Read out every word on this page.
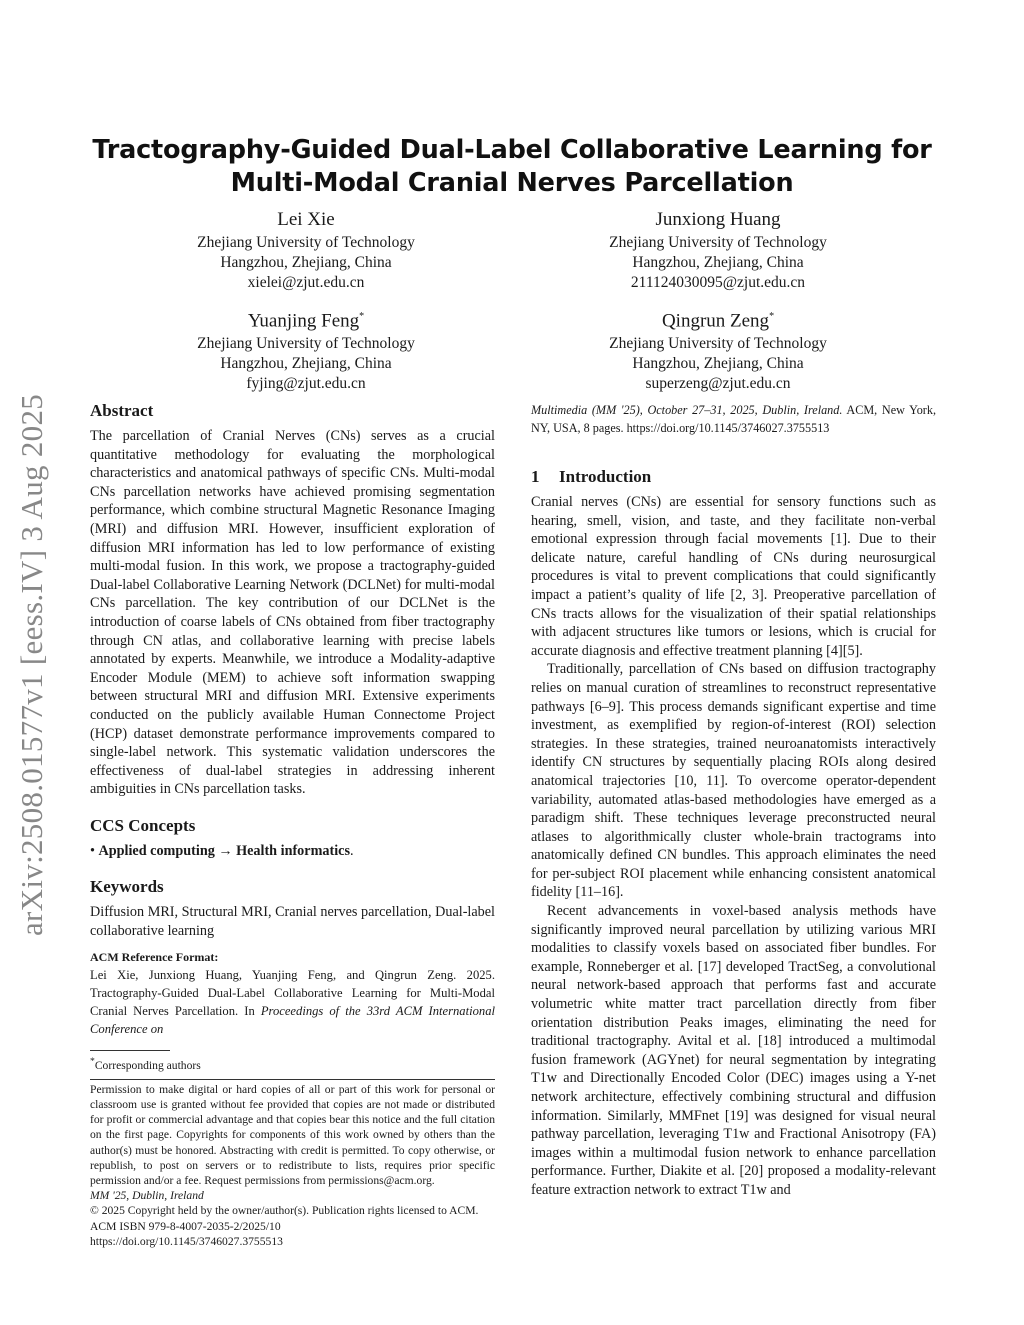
arXiv:2508.01577v1 [eess.IV] 3 Aug 2025
Tractography-Guided Dual-Label Collaborative Learning for
Multi-Modal Cranial Nerves Parcellation
Lei Xie
Zhejiang University of Technology
Hangzhou, Zhejiang, China
xielei@zjut.edu.cn
Junxiong Huang
Zhejiang University of Technology
Hangzhou, Zhejiang, China
211124030095@zjut.edu.cn
Yuanjing Feng*
Zhejiang University of Technology
Hangzhou, Zhejiang, China
fyjing@zjut.edu.cn
Qingrun Zeng*
Zhejiang University of Technology
Hangzhou, Zhejiang, China
superzeng@zjut.edu.cn
Abstract

The parcellation of Cranial Nerves (CNs) serves as a crucial quantitative methodology for evaluating the morphological characteristics and anatomical pathways of specific CNs. Multi-modal CNs parcellation networks have achieved promising segmentation performance, which combine structural Magnetic Resonance Imaging (MRI) and diffusion MRI. However, insufficient exploration of diffusion MRI information has led to low performance of existing multi-modal fusion. In this work, we propose a tractography-guided Dual-label Collaborative Learning Network (DCLNet) for multi-modal CNs parcellation. The key contribution of our DCLNet is the introduction of coarse labels of CNs obtained from fiber tractography through CN atlas, and collaborative learning with precise labels annotated by experts. Meanwhile, we introduce a Modality-adaptive Encoder Module (MEM) to achieve soft information swapping between structural MRI and diffusion MRI. Extensive experiments conducted on the publicly available Human Connectome Project (HCP) dataset demonstrate performance improvements compared to single-label network. This systematic validation underscores the effectiveness of dual-label strategies in addressing inherent ambiguities in CNs parcellation tasks.

CCS Concepts

• Applied computing → Health informatics.

Keywords

Diffusion MRI, Structural MRI, Cranial nerves parcellation, Dual-label collaborative learning

ACM Reference Format:

Lei Xie, Junxiong Huang, Yuanjing Feng, and Qingrun Zeng. 2025. Tractography-Guided Dual-Label Collaborative Learning for Multi-Modal Cranial Nerves Parcellation. In Proceedings of the 33rd ACM International Conference on

*Corresponding authors
Permission to make digital or hard copies of all or part of this work for personal or classroom use is granted without fee provided that copies are not made or distributed for profit or commercial advantage and that copies bear this notice and the full citation on the first page. Copyrights for components of this work owned by others than the author(s) must be honored. Abstracting with credit is permitted. To copy otherwise, or republish, to post on servers or to redistribute to lists, requires prior specific permission and/or a fee. Request permissions from permissions@acm.org.
MM '25, Dublin, Ireland
© 2025 Copyright held by the owner/author(s). Publication rights licensed to ACM.
ACM ISBN 979-8-4007-2035-2/2025/10
https://doi.org/10.1145/3746027.3755513

Multimedia (MM '25), October 27–31, 2025, Dublin, Ireland. ACM, New York, NY, USA, 8 pages. https://doi.org/10.1145/3746027.3755513

1 Introduction

Cranial nerves (CNs) are essential for sensory functions such as hearing, smell, vision, and taste, and they facilitate non-verbal emotional expression through facial movements [1]. Due to their delicate nature, careful handling of CNs during neurosurgical procedures is vital to prevent complications that could significantly impact a patient’s quality of life [2, 3]. Preoperative parcellation of CNs tracts allows for the visualization of their spatial relationships with adjacent structures like tumors or lesions, which is crucial for accurate diagnosis and effective treatment planning [4][5].

Traditionally, parcellation of CNs based on diffusion tractography relies on manual curation of streamlines to reconstruct representative pathways [6–9]. This process demands significant expertise and time investment, as exemplified by region-of-interest (ROI) selection strategies. In these strategies, trained neuroanatomists interactively identify CN structures by sequentially placing ROIs along desired anatomical trajectories [10, 11]. To overcome operator-dependent variability, automated atlas-based methodologies have emerged as a paradigm shift. These techniques leverage preconstructed neural atlases to algorithmically cluster whole-brain tractograms into anatomically defined CN bundles. This approach eliminates the need for per-subject ROI placement while enhancing consistent anatomical fidelity [11–16].

Recent advancements in voxel-based analysis methods have significantly improved neural parcellation by utilizing various MRI modalities to classify voxels based on associated fiber bundles. For example, Ronneberger et al. [17] developed TractSeg, a convolutional neural network-based approach that performs fast and accurate volumetric white matter tract parcellation directly from fiber orientation distribution Peaks images, eliminating the need for traditional tractography. Avital et al. [18] introduced a multimodal fusion framework (AGYnet) for neural segmentation by integrating T1w and Directionally Encoded Color (DEC) images using a Y-net network architecture, effectively combining structural and diffusion information. Similarly, MMFnet [19] was designed for visual neural pathway parcellation, leveraging T1w and Fractional Anisotropy (FA) images within a multimodal fusion network to enhance parcellation performance. Further, Diakite et al. [20] proposed a modality-relevant feature extraction network to extract T1w and
